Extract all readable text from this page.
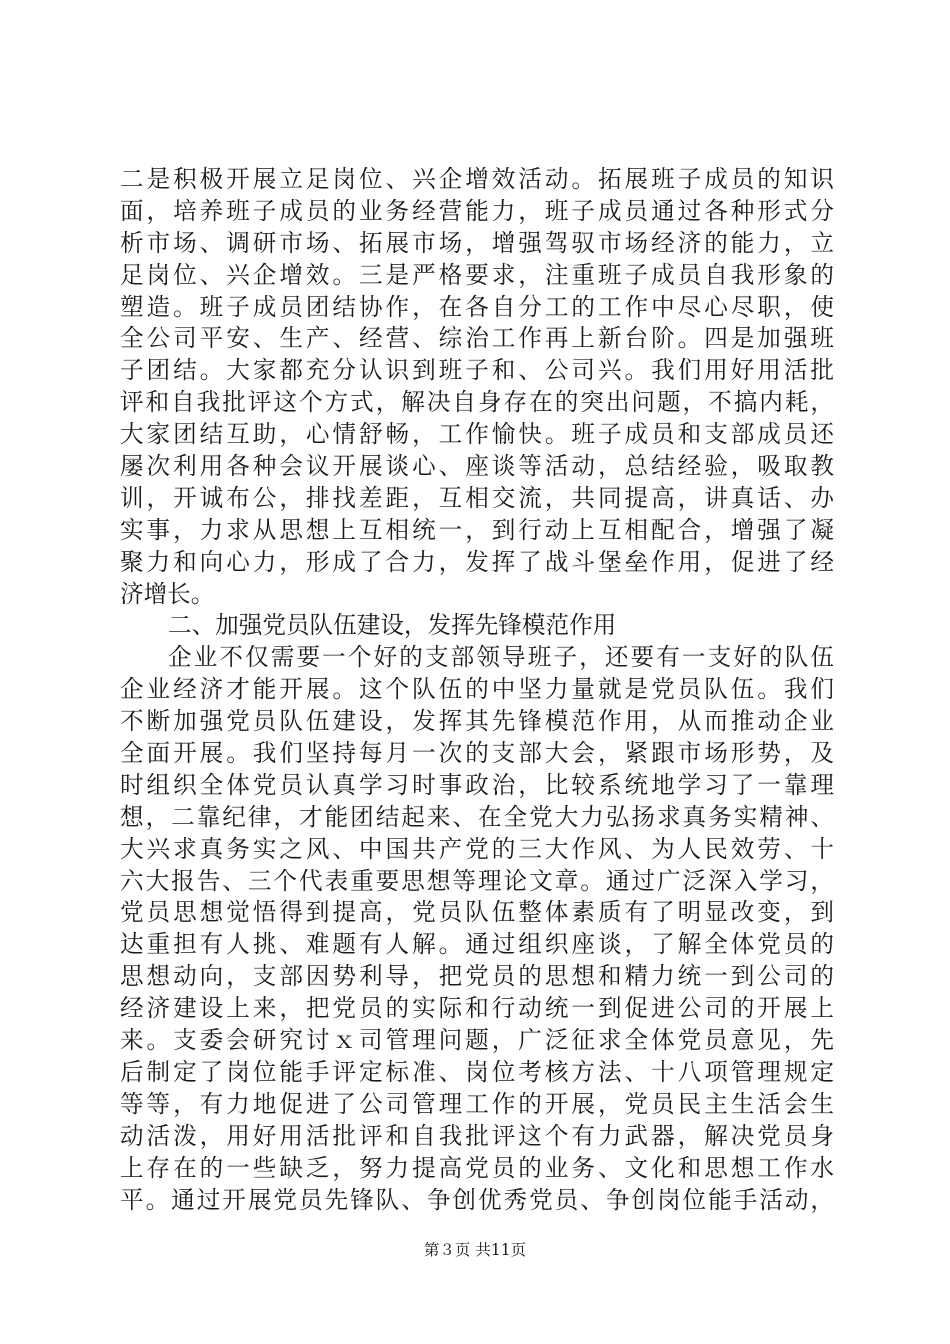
二是积极开展立足岗位、兴企增效活动。拓展班子成员的知识
面，培养班子成员的业务经营能力，班子成员通过各种形式分
析市场、调研市场、拓展市场，增强驾驭市场经济的能力，立
足岗位、兴企增效。三是严格要求，注重班子成员自我形象的
塑造。班子成员团结协作，在各自分工的工作中尽心尽职，使
全公司平安、生产、经营、综治工作再上新台阶。四是加强班
子团结。大家都充分认识到班子和、公司兴。我们用好用活批
评和自我批评这个方式，解决自身存在的突出问题，不搞内耗，
大家团结互助，心情舒畅，工作愉快。班子成员和支部成员还
屡次利用各种会议开展谈心、座谈等活动，总结经验，吸取教
训，开诚布公，排找差距，互相交流，共同提高，讲真话、办
实事，力求从思想上互相统一，到行动上互相配合，增强了凝
聚力和向心力，形成了合力，发挥了战斗堡垒作用，促进了经
济增长。
二、加强党员队伍建设，发挥先锋模范作用
企业不仅需要一个好的支部领导班子，还要有一支好的队伍
企业经济才能开展。这个队伍的中坚力量就是党员队伍。我们
不断加强党员队伍建设，发挥其先锋模范作用，从而推动企业
全面开展。我们坚持每月一次的支部大会，紧跟市场形势，及
时组织全体党员认真学习时事政治，比较系统地学习了一靠理
想，二靠纪律，才能团结起来、在全党大力弘扬求真务实精神、
大兴求真务实之风、中国共产党的三大作风、为人民效劳、十
六大报告、三个代表重要思想等理论文章。通过广泛深入学习，
党员思想觉悟得到提高，党员队伍整体素质有了明显改变，到
达重担有人挑、难题有人解。通过组织座谈，了解全体党员的
思想动向，支部因势利导，把党员的思想和精力统一到公司的
经济建设上来，把党员的实际和行动统一到促进公司的开展上
来。支委会研究讨ｘ司管理问题，广泛征求全体党员意见，先
后制定了岗位能手评定标准、岗位考核方法、十八项管理规定
等等，有力地促进了公司管理工作的开展，党员民主生活会生
动活泼，用好用活批评和自我批评这个有力武器，解决党员身
上存在的一些缺乏，努力提高党员的业务、文化和思想工作水
平。通过开展党员先锋队、争创优秀党员、争创岗位能手活动，
第３页 共11页
